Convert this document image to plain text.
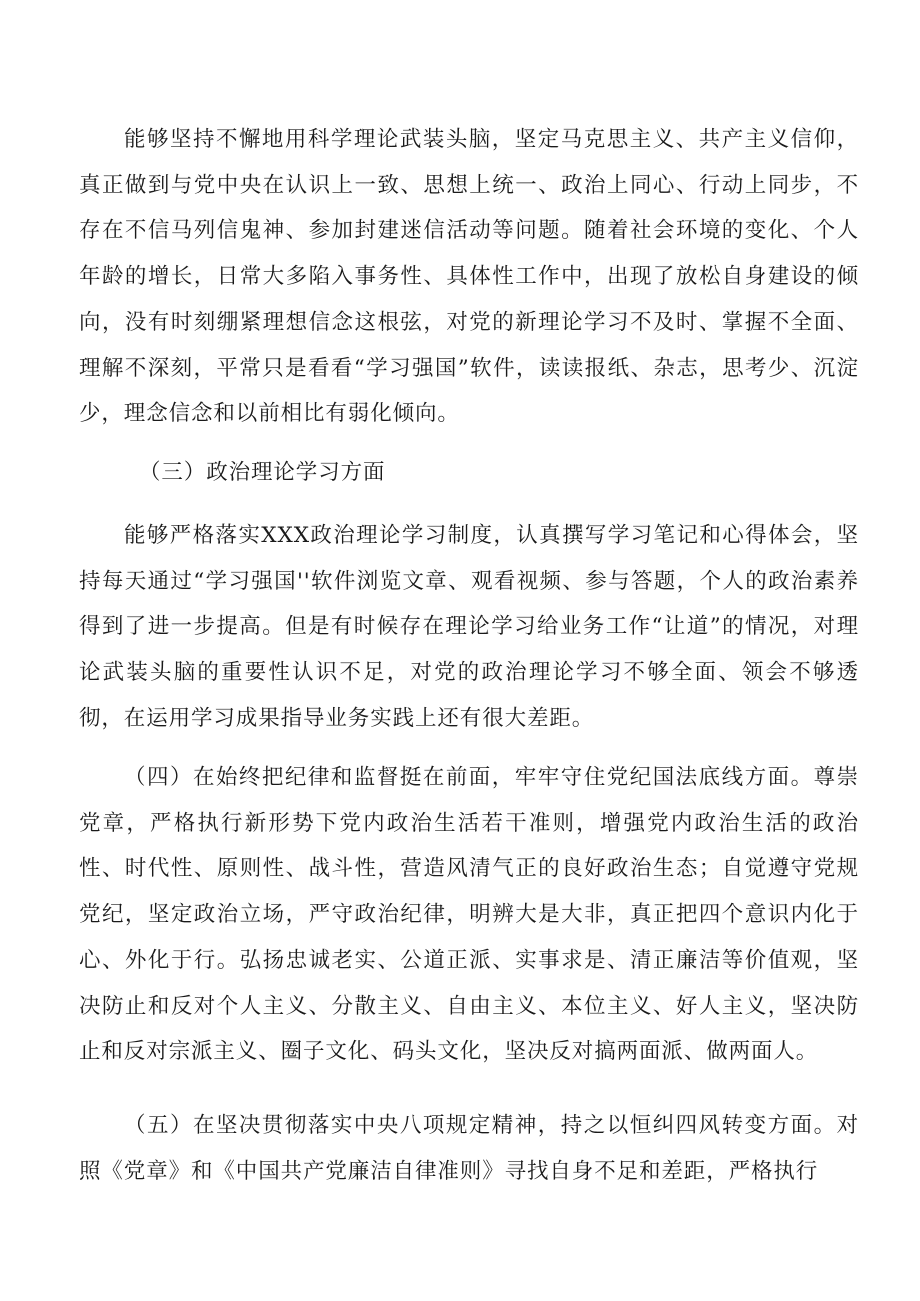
能够坚持不懈地用科学理论武装头脑，坚定马克思主义、共产主义信仰，真正做到与党中央在认识上一致、思想上统一、政治上同心、行动上同步，不存在不信马列信鬼神、参加封建迷信活动等问题。随着社会环境的变化、个人年龄的增长，日常大多陷入事务性、具体性工作中，出现了放松自身建设的倾向，没有时刻绷紧理想信念这根弦，对党的新理论学习不及时、掌握不全面、理解不深刻，平常只是看看“学习强国”软件，读读报纸、杂志，思考少、沉淀少，理念信念和以前相比有弱化倾向。

（三）政治理论学习方面

能够严格落实XXX政治理论学习制度，认真撰写学习笔记和心得体会，坚持每天通过“学习强国''软件浏览文章、观看视频、参与答题，个人的政治素养得到了进一步提高。但是有时候存在理论学习给业务工作“让道”的情况，对理论武装头脑的重要性认识不足，对党的政治理论学习不够全面、领会不够透彻，在运用学习成果指导业务实践上还有很大差距。

（四）在始终把纪律和监督挺在前面，牢牢守住党纪国法底线方面。尊崇党章，严格执行新形势下党内政治生活若干准则，增强党内政治生活的政治性、时代性、原则性、战斗性，营造风清气正的良好政治生态；自觉遵守党规党纪，坚定政治立场，严守政治纪律，明辨大是大非，真正把四个意识内化于心、外化于行。弘扬忠诚老实、公道正派、实事求是、清正廉洁等价值观，坚决防止和反对个人主义、分散主义、自由主义、本位主义、好人主义，坚决防止和反对宗派主义、圈子文化、码头文化，坚决反对搞两面派、做两面人。

（五）在坚决贯彻落实中央八项规定精神，持之以恒纠四风转变方面。对照《党章》和《中国共产党廉洁自律准则》寻找自身不足和差距，严格执行
